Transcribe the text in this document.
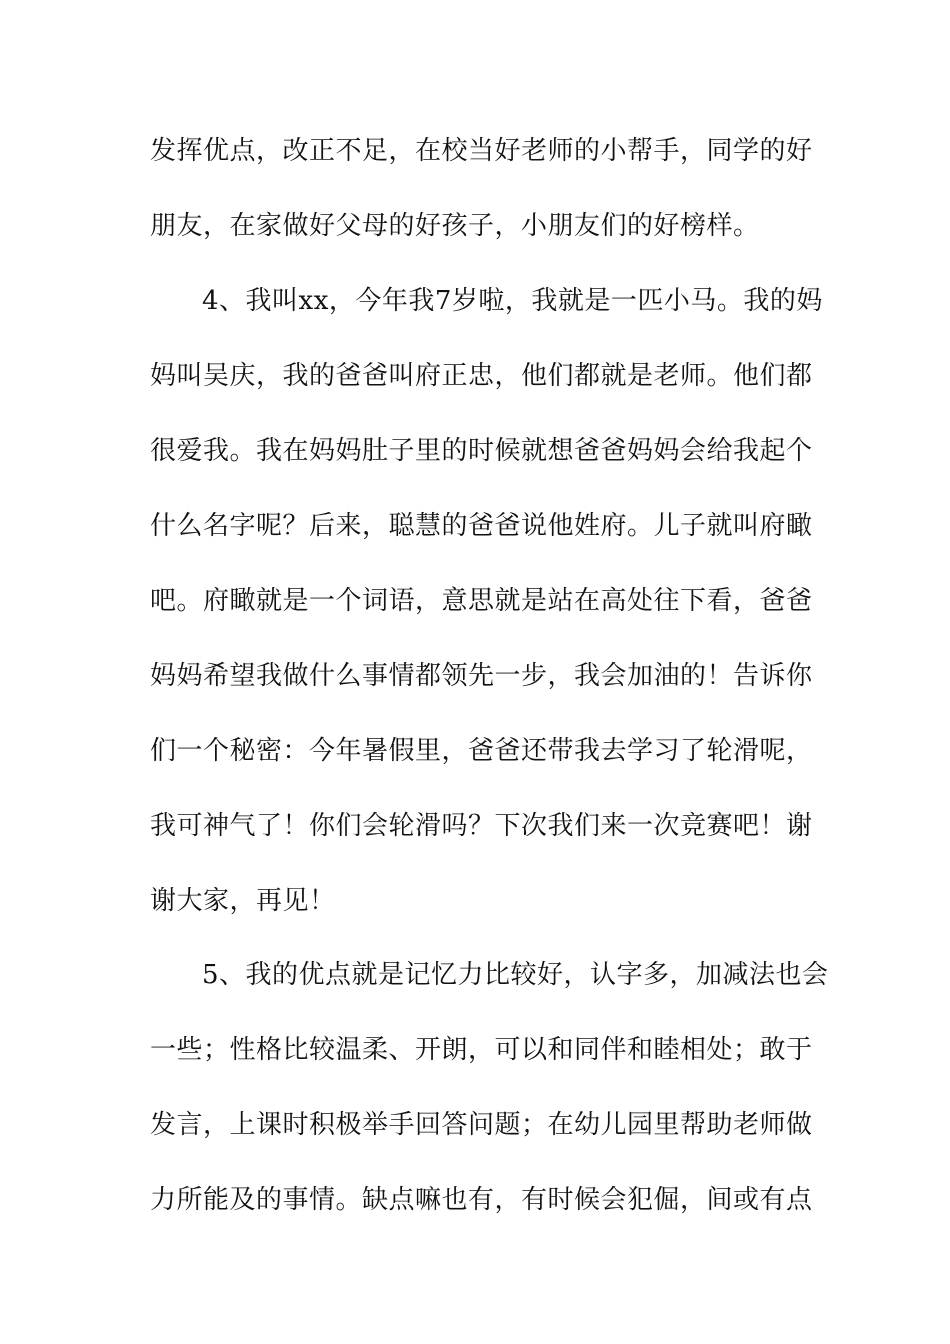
发挥优点，改正不足，在校当好老师的小帮手，同学的好
朋友，在家做好父母的好孩子，小朋友们的好榜样。
4、我叫xx，今年我7岁啦，我就是一匹小马。我的妈
妈叫吴庆，我的爸爸叫府正忠，他们都就是老师。他们都
很爱我。我在妈妈肚子里的时候就想爸爸妈妈会给我起个
什么名字呢？后来，聪慧的爸爸说他姓府。儿子就叫府瞰
吧。府瞰就是一个词语，意思就是站在高处往下看，爸爸
妈妈希望我做什么事情都领先一步，我会加油的！告诉你
们一个秘密：今年暑假里，爸爸还带我去学习了轮滑呢，
我可神气了！你们会轮滑吗？下次我们来一次竞赛吧！谢
谢大家，再见！
5、我的优点就是记忆力比较好，认字多，加减法也会
一些；性格比较温柔、开朗，可以和同伴和睦相处；敢于
发言，上课时积极举手回答问题；在幼儿园里帮助老师做
力所能及的事情。缺点嘛也有，有时候会犯倔，间或有点
